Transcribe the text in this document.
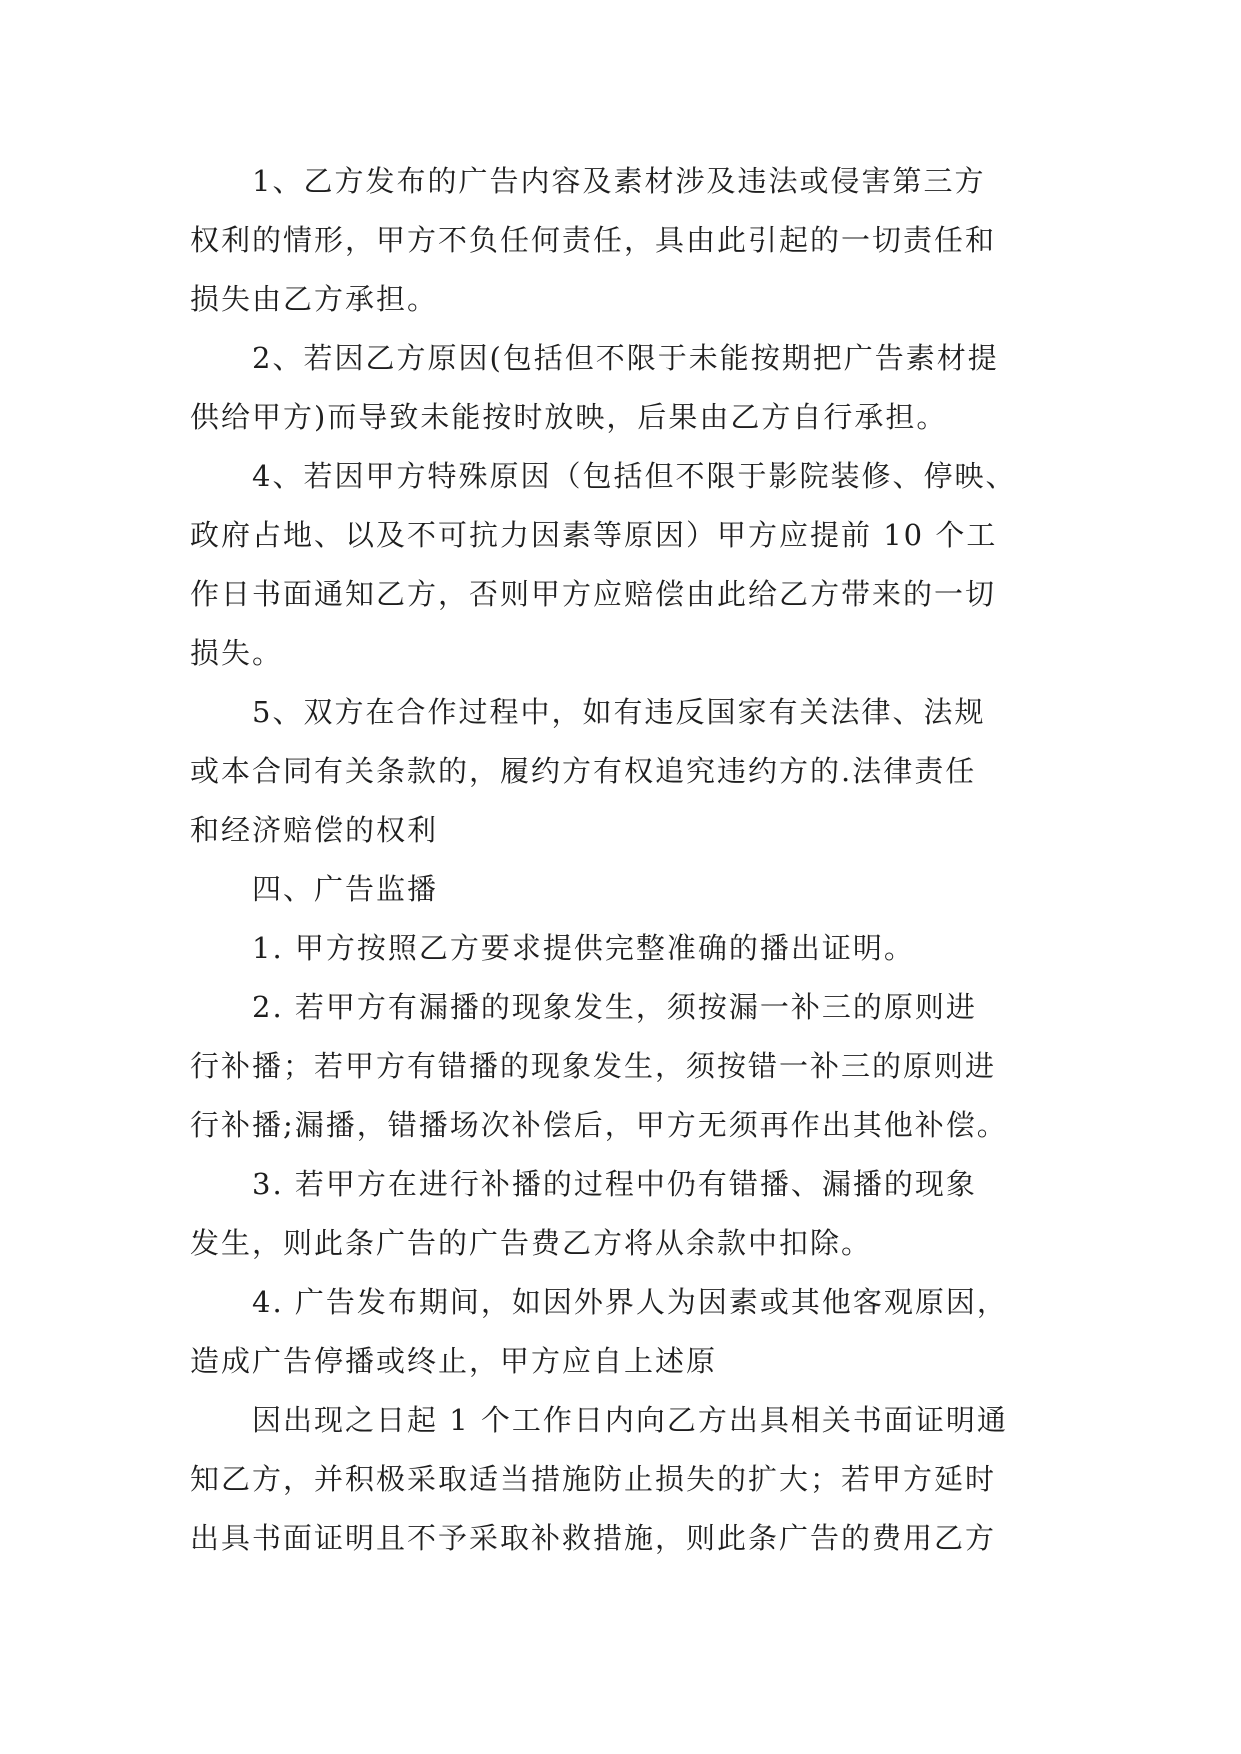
1、乙方发布的广告内容及素材涉及违法或侵害第三方
权利的情形，甲方不负任何责任，具由此引起的一切责任和
损失由乙方承担。
2、若因乙方原因(包括但不限于未能按期把广告素材提
供给甲方)而导致未能按时放映，后果由乙方自行承担。
4、若因甲方特殊原因（包括但不限于影院装修、停映、
政府占地、以及不可抗力因素等原因）甲方应提前 10 个工
作日书面通知乙方，否则甲方应赔偿由此给乙方带来的一切
损失。
5、双方在合作过程中，如有违反国家有关法律、法规
或本合同有关条款的，履约方有权追究违约方的.法律责任
和经济赔偿的权利
四、广告监播
1. 甲方按照乙方要求提供完整准确的播出证明。
2. 若甲方有漏播的现象发生，须按漏一补三的原则进
行补播；若甲方有错播的现象发生，须按错一补三的原则进
行补播;漏播，错播场次补偿后，甲方无须再作出其他补偿。
3. 若甲方在进行补播的过程中仍有错播、漏播的现象
发生，则此条广告的广告费乙方将从余款中扣除。
4. 广告发布期间，如因外界人为因素或其他客观原因，
造成广告停播或终止，甲方应自上述原
因出现之日起 1 个工作日内向乙方出具相关书面证明通
知乙方，并积极采取适当措施防止损失的扩大；若甲方延时
出具书面证明且不予采取补救措施，则此条广告的费用乙方
